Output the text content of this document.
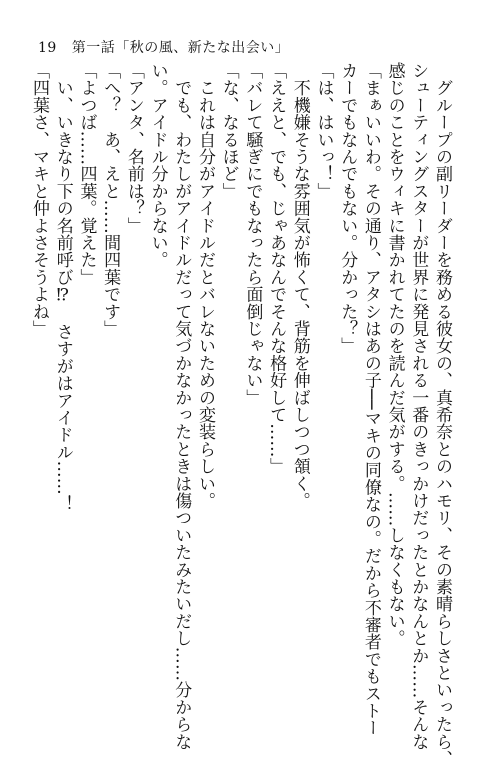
19 第一話「秋の風、新たな出会い」
　グループの副リーダーを務める彼女の、真希奈とのハモリ、その素晴らしさといったら、
シューティングスターが世界に発見される一番のきっかけだったとかなんとか……そんな
感じのことをウィキに書かれてたのを読んだ気がする。……しなくもない。
「まぁいいわ。その通り、アタシはあの子──マキの同僚なの。だから不審者でもストー
カーでもなんでもない。分かった？」
「は、はいっ！」
　不機嫌そうな雰囲気が怖くて、背筋を伸ばしつつ頷く。
「ええと、でも、じゃあなんでそんな格好して……」
「バレて騒ぎにでもなったら面倒じゃない」
「な、なるほど」
　これは自分がアイドルだとバレないための変装らしい。
　でも、わたしがアイドルだって気づかなかったときは傷ついたみたいだし……分からな
い。アイドル分からない。
「アンタ、名前は？」
「へ？　あ、えと……間四葉です」
「よつば……四葉。覚えた」
　い、いきなり下の名前呼び⁉　さすがはアイドル……！
「四葉さ、マキと仲よさそうよね」
